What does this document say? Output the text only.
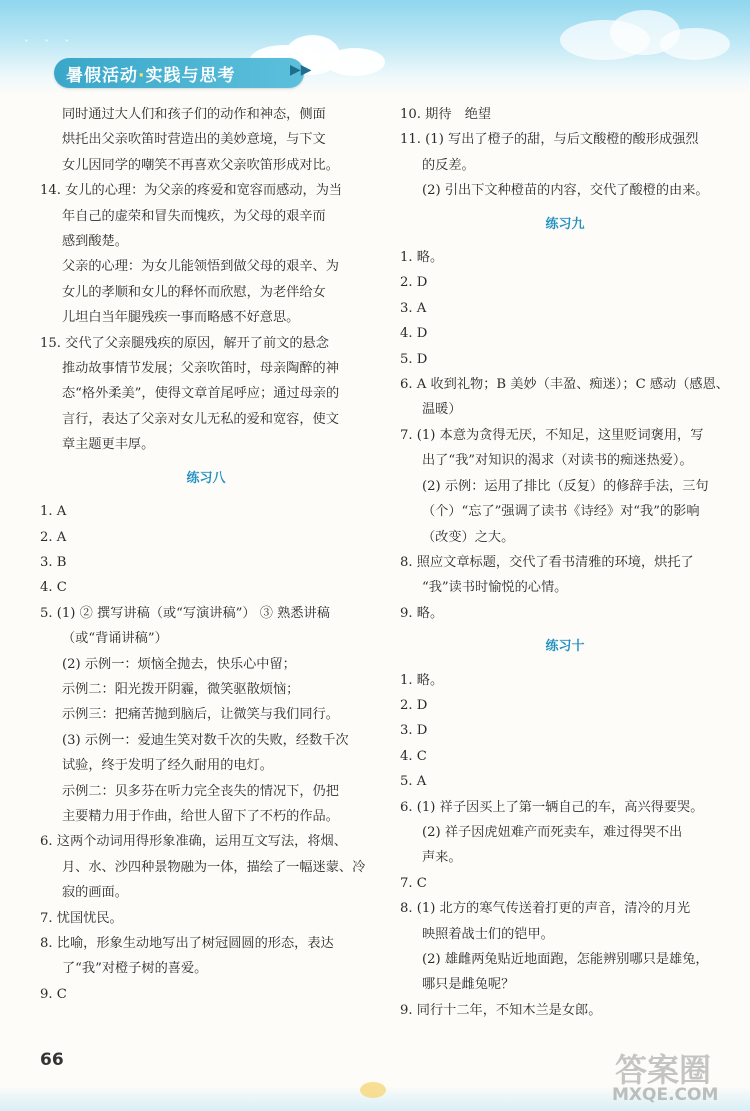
ˇ ˇ ˇ
暑假活动·实践与思考	▶▶

同时通过大人们和孩子们的动作和神态，侧面

烘托出父亲吹笛时营造出的美妙意境，与下文

女儿因同学的嘲笑不再喜欢父亲吹笛形成对比。

14. 女儿的心理：为父亲的疼爱和宽容而感动，为当

年自己的虚荣和冒失而愧疚，为父母的艰辛而

感到酸楚。

父亲的心理：为女儿能领悟到做父母的艰辛、为

女儿的孝顺和女儿的释怀而欣慰，为老伴给女

儿坦白当年腿残疾一事而略感不好意思。

15. 交代了父亲腿残疾的原因，解开了前文的悬念

推动故事情节发展；父亲吹笛时，母亲陶醉的神

态“格外柔美”，使得文章首尾呼应；通过母亲的

言行，表达了父亲对女儿无私的爱和宽容，使文

章主题更丰厚。

练习八

1. A

2. A

3. B

4. C

5. (1) ② 撰写讲稿（或“写演讲稿”） ③ 熟悉讲稿

（或“背诵讲稿”）

(2) 示例一：烦恼全抛去，快乐心中留；

示例二：阳光拨开阴霾，微笑驱散烦恼；

示例三：把痛苦抛到脑后，让微笑与我们同行。

(3) 示例一：爱迪生笑对数千次的失败，经数千次

试验，终于发明了经久耐用的电灯。

示例二：贝多芬在听力完全丧失的情况下，仍把

主要精力用于作曲，给世人留下了不朽的作品。

6. 这两个动词用得形象准确，运用互文写法，将烟、

月、水、沙四种景物融为一体，描绘了一幅迷蒙、冷

寂的画面。

7. 忧国忧民。

8. 比喻，形象生动地写出了树冠圆圆的形态，表达

了“我”对橙子树的喜爱。

9. C

10. 期待　绝望

11. (1) 写出了橙子的甜，与后文酸橙的酸形成强烈

的反差。

(2) 引出下文种橙苗的内容，交代了酸橙的由来。

练习九

1. 略。

2. D

3. A

4. D

5. D

6. A 收到礼物；B 美妙（丰盈、痴迷）；C 感动（感恩、

温暖）

7. (1) 本意为贪得无厌，不知足，这里贬词褒用，写

出了“我”对知识的渴求（对读书的痴迷热爱）。

(2) 示例：运用了排比（反复）的修辞手法，三句

（个）“忘了”强调了读书《诗经》对“我”的影响

（改变）之大。

8. 照应文章标题，交代了看书清雅的环境，烘托了

“我”读书时愉悦的心情。

9. 略。

练习十

1. 略。

2. D

3. D

4. C

5. A

6. (1) 祥子因买上了第一辆自己的车，高兴得要哭。

(2) 祥子因虎妞难产而死卖车，难过得哭不出

声来。

7. C

8. (1) 北方的寒气传送着打更的声音，清冷的月光

映照着战士们的铠甲。

(2) 雄雌两兔贴近地面跑，怎能辨别哪只是雄兔，

哪只是雌兔呢？

9. 同行十二年，不知木兰是女郎。

66	答案圈
MXQE.COM
